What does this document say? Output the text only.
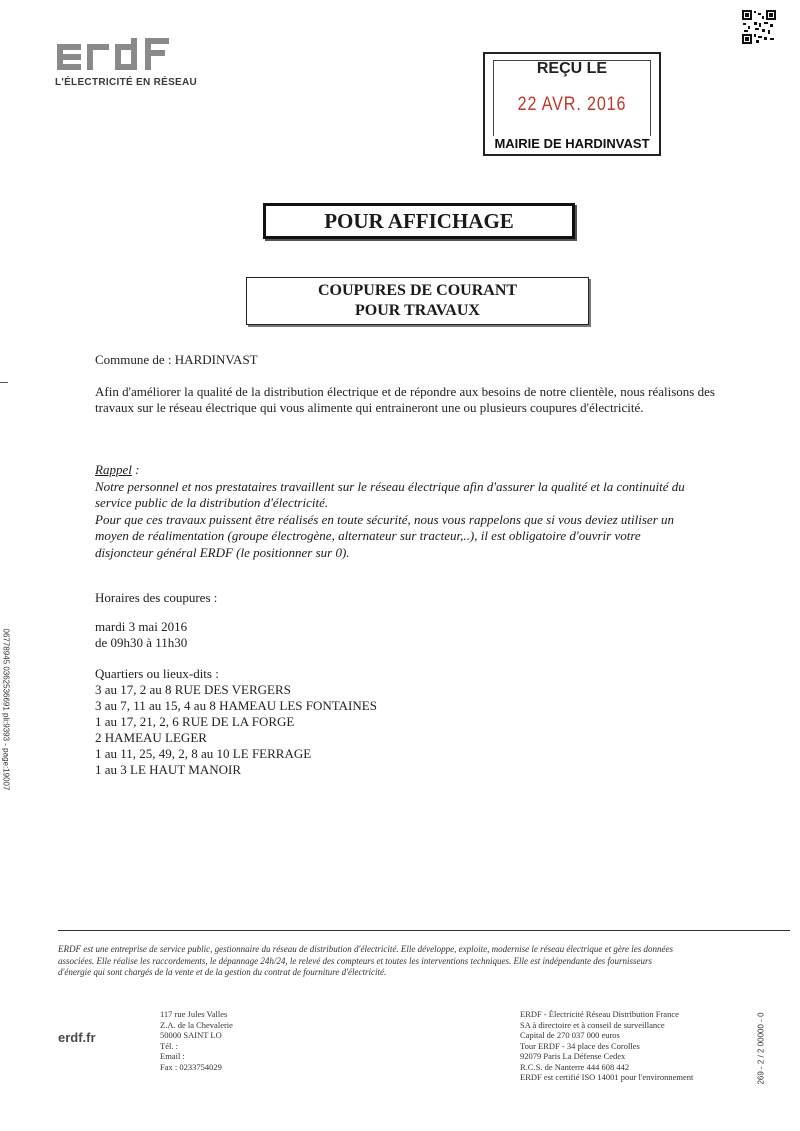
L'ÉLECTRICITÉ EN RÉSEAU
REÇU LE
22 AVR. 2016
MAIRIE DE HARDINVAST
POUR AFFICHAGE
COUPURES DE COURANT
POUR TRAVAUX
Commune de : HARDINVAST
Afin d'améliorer la qualité de la distribution électrique et de répondre aux besoins de notre clientèle, nous réalisons des travaux sur le réseau électrique qui vous alimente qui entraineront une ou plusieurs coupures d'électricité.
Rappel :
Notre personnel et nos prestataires travaillent sur le réseau électrique afin d'assurer la qualité et la continuité du
service public de la distribution d'électricité.
Pour que ces travaux puissent être réalisés en toute sécurité, nous vous rappelons que si vous deviez utiliser un
moyen de réalimentation (groupe électrogène, alternateur sur tracteur,..), il est obligatoire d'ouvrir votre
disjoncteur général ERDF (le positionner sur 0).
Horaires des coupures :
mardi 3 mai 2016
de 09h30 à 11h30
Quartiers ou lieux-dits :
3 au 17, 2 au 8 RUE DES VERGERS
3 au 7, 11 au 15, 4 au 8 HAMEAU LES FONTAINES
1 au 17, 21, 2, 6 RUE DE LA FORGE
2 HAMEAU LEGER
1 au 11, 25, 49, 2, 8 au 10 LE FERRAGE
1 au 3 LE HAUT MANOIR
06778945 0362536691 pli:9393 - page:19007
ERDF est une entreprise de service public, gestionnaire du réseau de distribution d'électricité. Elle développe, exploite, modernise le réseau électrique et gère les données
associées. Elle réalise les raccordements, le dépannage 24h/24, le relevé des compteurs et toutes les interventions techniques. Elle est indépendante des fournisseurs
d'énergie qui sont chargés de la vente et de la gestion du contrat de fourniture d'électricité.
erdf.fr
117 rue Jules Valles
Z.A. de la Chevalerie
50000 SAINT LO
Tél. :
Email :
Fax : 0233754029
ERDF - Électricité Réseau Distribution France
SA à directoire et à conseil de surveillance
Capital de 270 037 000 euros
Tour ERDF - 34 place des Corolles
92079 Paris La Défense Cedex
R.C.S. de Nanterre 444 608 442
ERDF est certifié ISO 14001 pour l'environnement	269 - 2 / 2 00000 - 0
